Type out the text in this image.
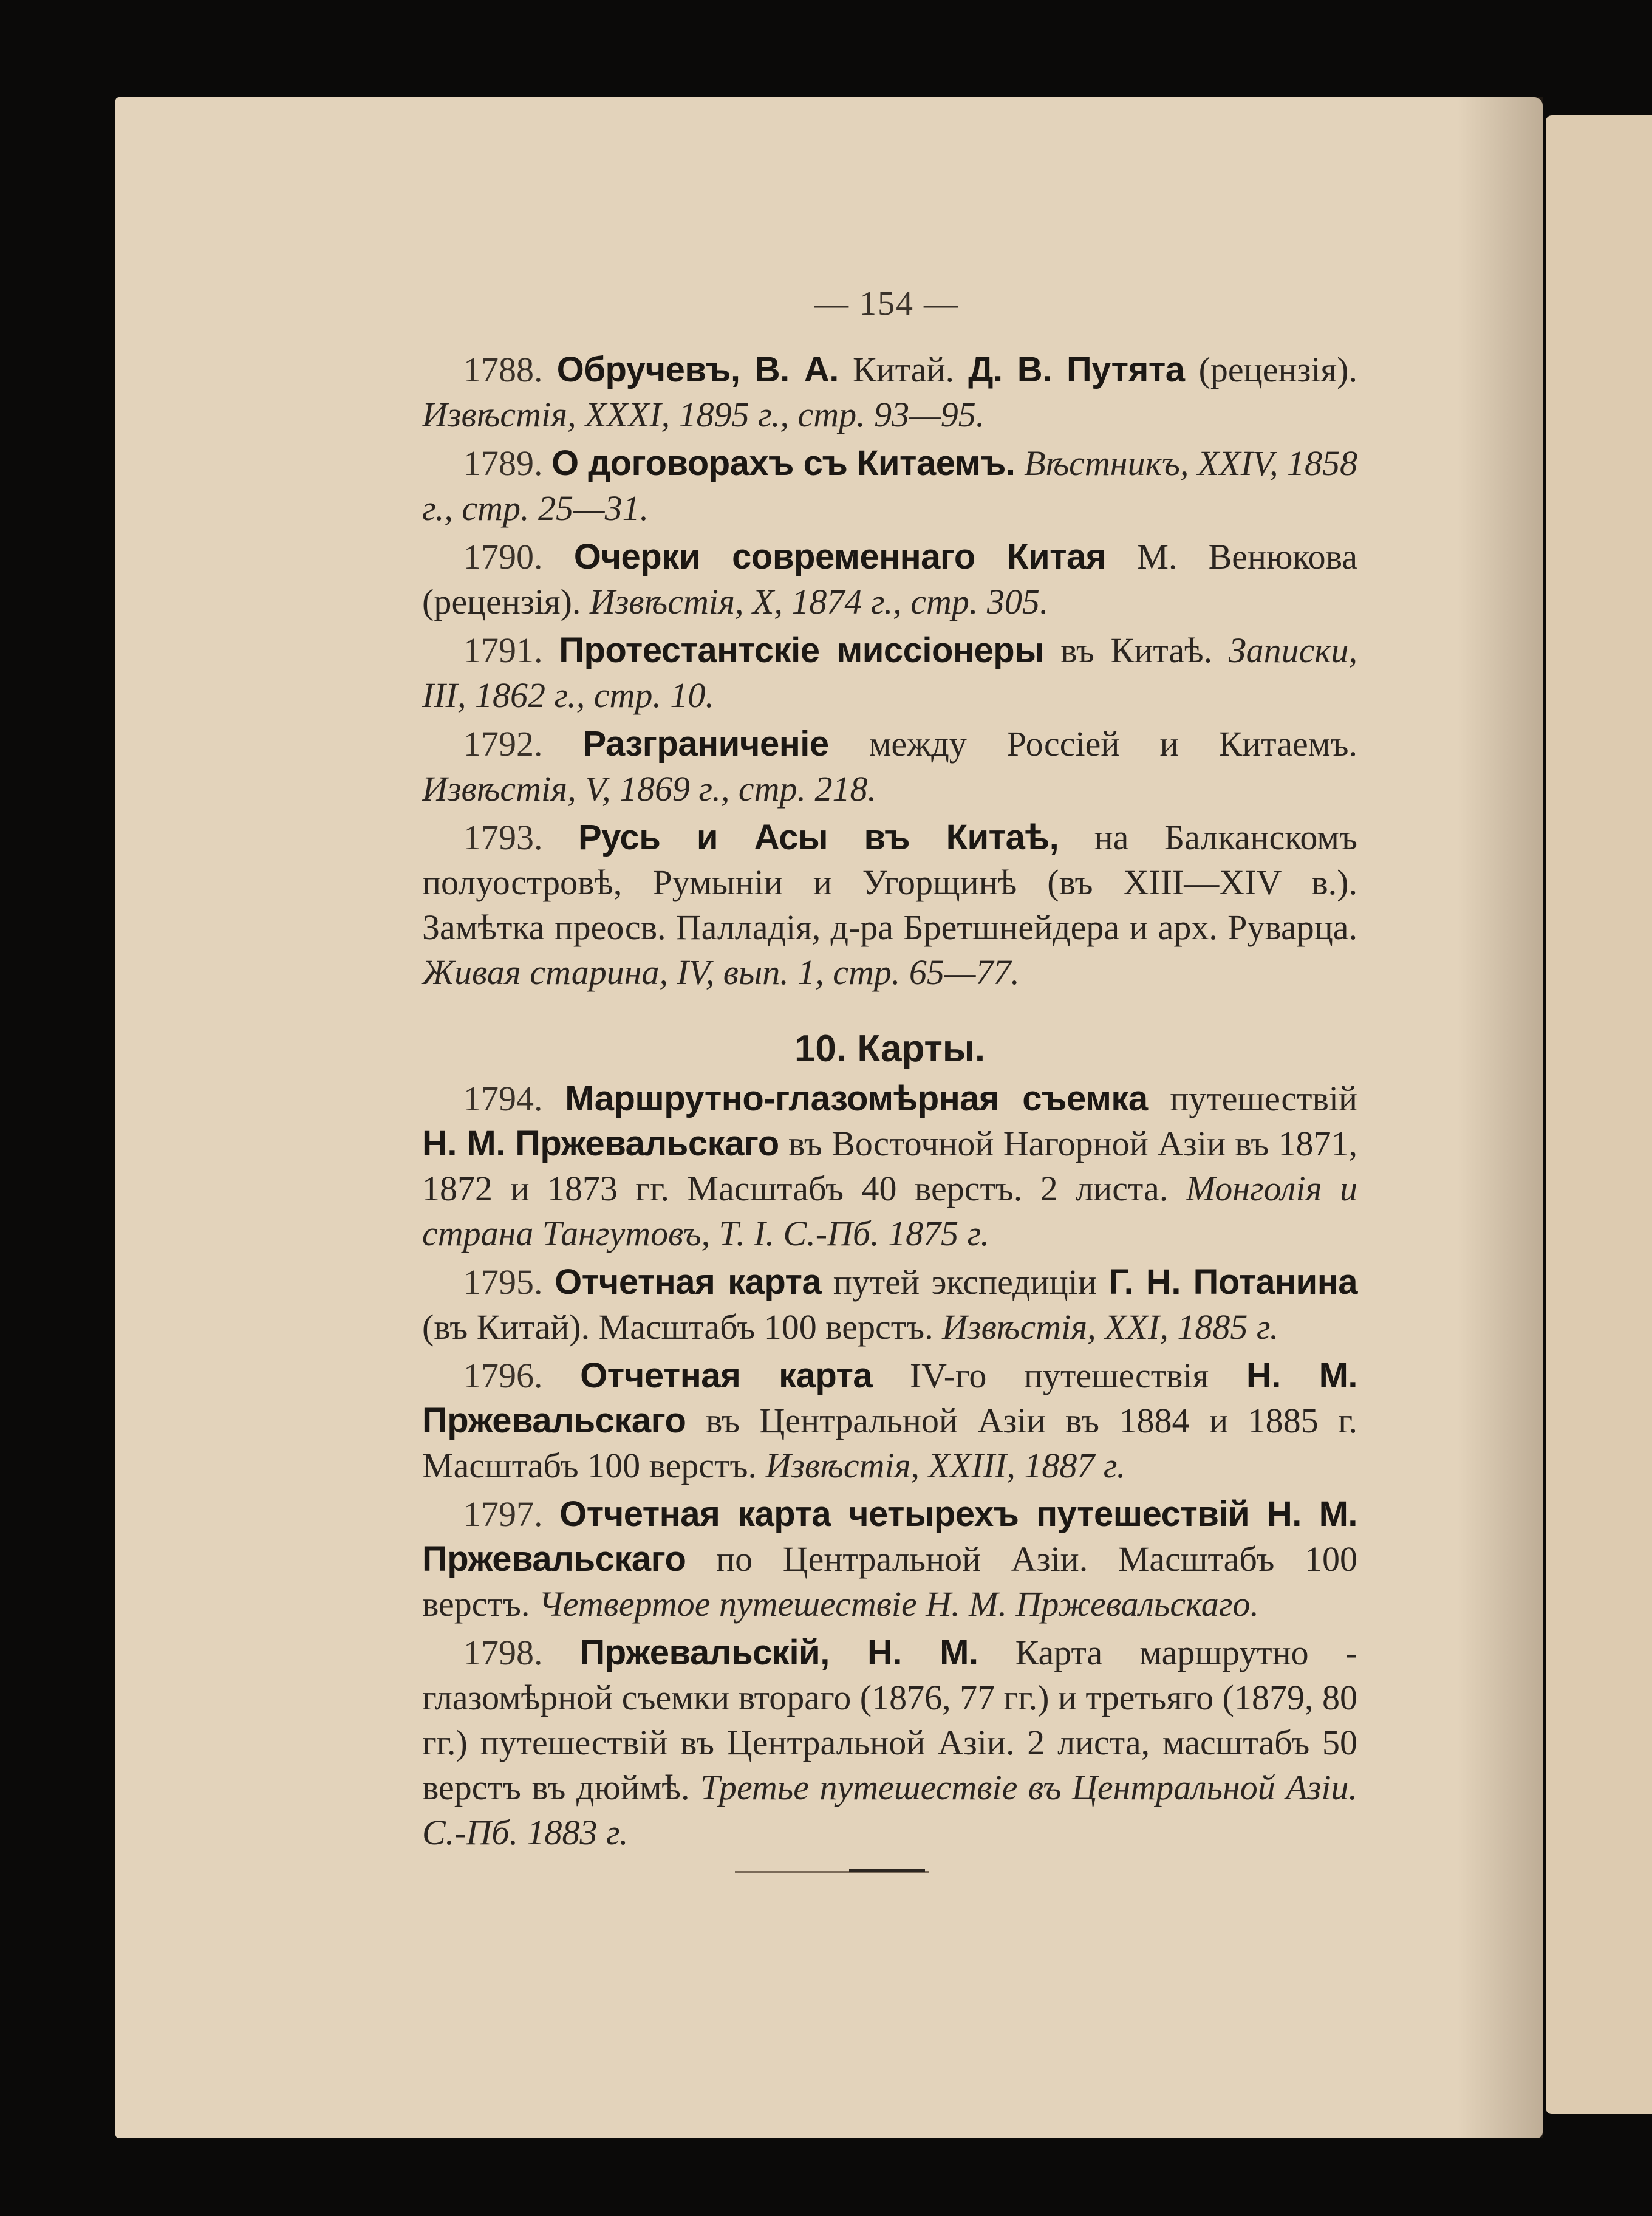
— 154 —

1788. Обручевъ, В. А. Китай. Д. В. Путята (рецензія). Извѣстія, XXXI, 1895 г., стр. 93—95.

1789. О договорахъ съ Китаемъ. Вѣстникъ, XXIV, 1858 г., стр. 25—31.

1790. Очерки современнаго Китая М. Венюкова (рецензія). Извѣстія, X, 1874 г., стр. 305.

1791. Протестантскіе миссіонеры въ Китаѣ. Записки, III, 1862 г., стр. 10.

1792. Разграниченіе между Россіей и Китаемъ. Извѣстія, V, 1869 г., стр. 218.

1793. Русь и Асы въ Китаѣ, на Балканскомъ полуостровѣ, Румыніи и Угорщинѣ (въ XIII—XIV в.). Замѣтка преосв. Палладія, д-ра Бретшнейдера и арх. Руварца. Живая старина, IV, вып. 1, стр. 65—77.

10. Карты.

1794. Маршрутно-глазомѣрная съемка путешествій Н. М. Пржевальскаго въ Восточной Нагорной Азіи въ 1871, 1872 и 1873 гг. Масштабъ 40 верстъ. 2 листа. Монголія и страна Тангутовъ, Т. I. С.-Пб. 1875 г.

1795. Отчетная карта путей экспедиціи Г. Н. Потанина (въ Китай). Масштабъ 100 верстъ. Извѣстія, XXI, 1885 г.

1796. Отчетная карта IV-го путешествія Н. М. Пржевальскаго въ Центральной Азіи въ 1884 и 1885 г. Масштабъ 100 верстъ. Извѣстія, XXIII, 1887 г.

1797. Отчетная карта четырехъ путешествій Н. М. Пржевальскаго по Центральной Азіи. Масштабъ 100 верстъ. Четвертое путешествіе Н. М. Пржевальскаго.

1798. Пржевальскій, Н. М. Карта маршрутно - глазомѣрной съемки втораго (1876, 77 гг.) и третьяго (1879, 80 гг.) путешествій въ Центральной Азіи. 2 листа, масштабъ 50 верстъ въ дюймѣ. Третье путешествіе въ Центральной Азіи. С.-Пб. 1883 г.
